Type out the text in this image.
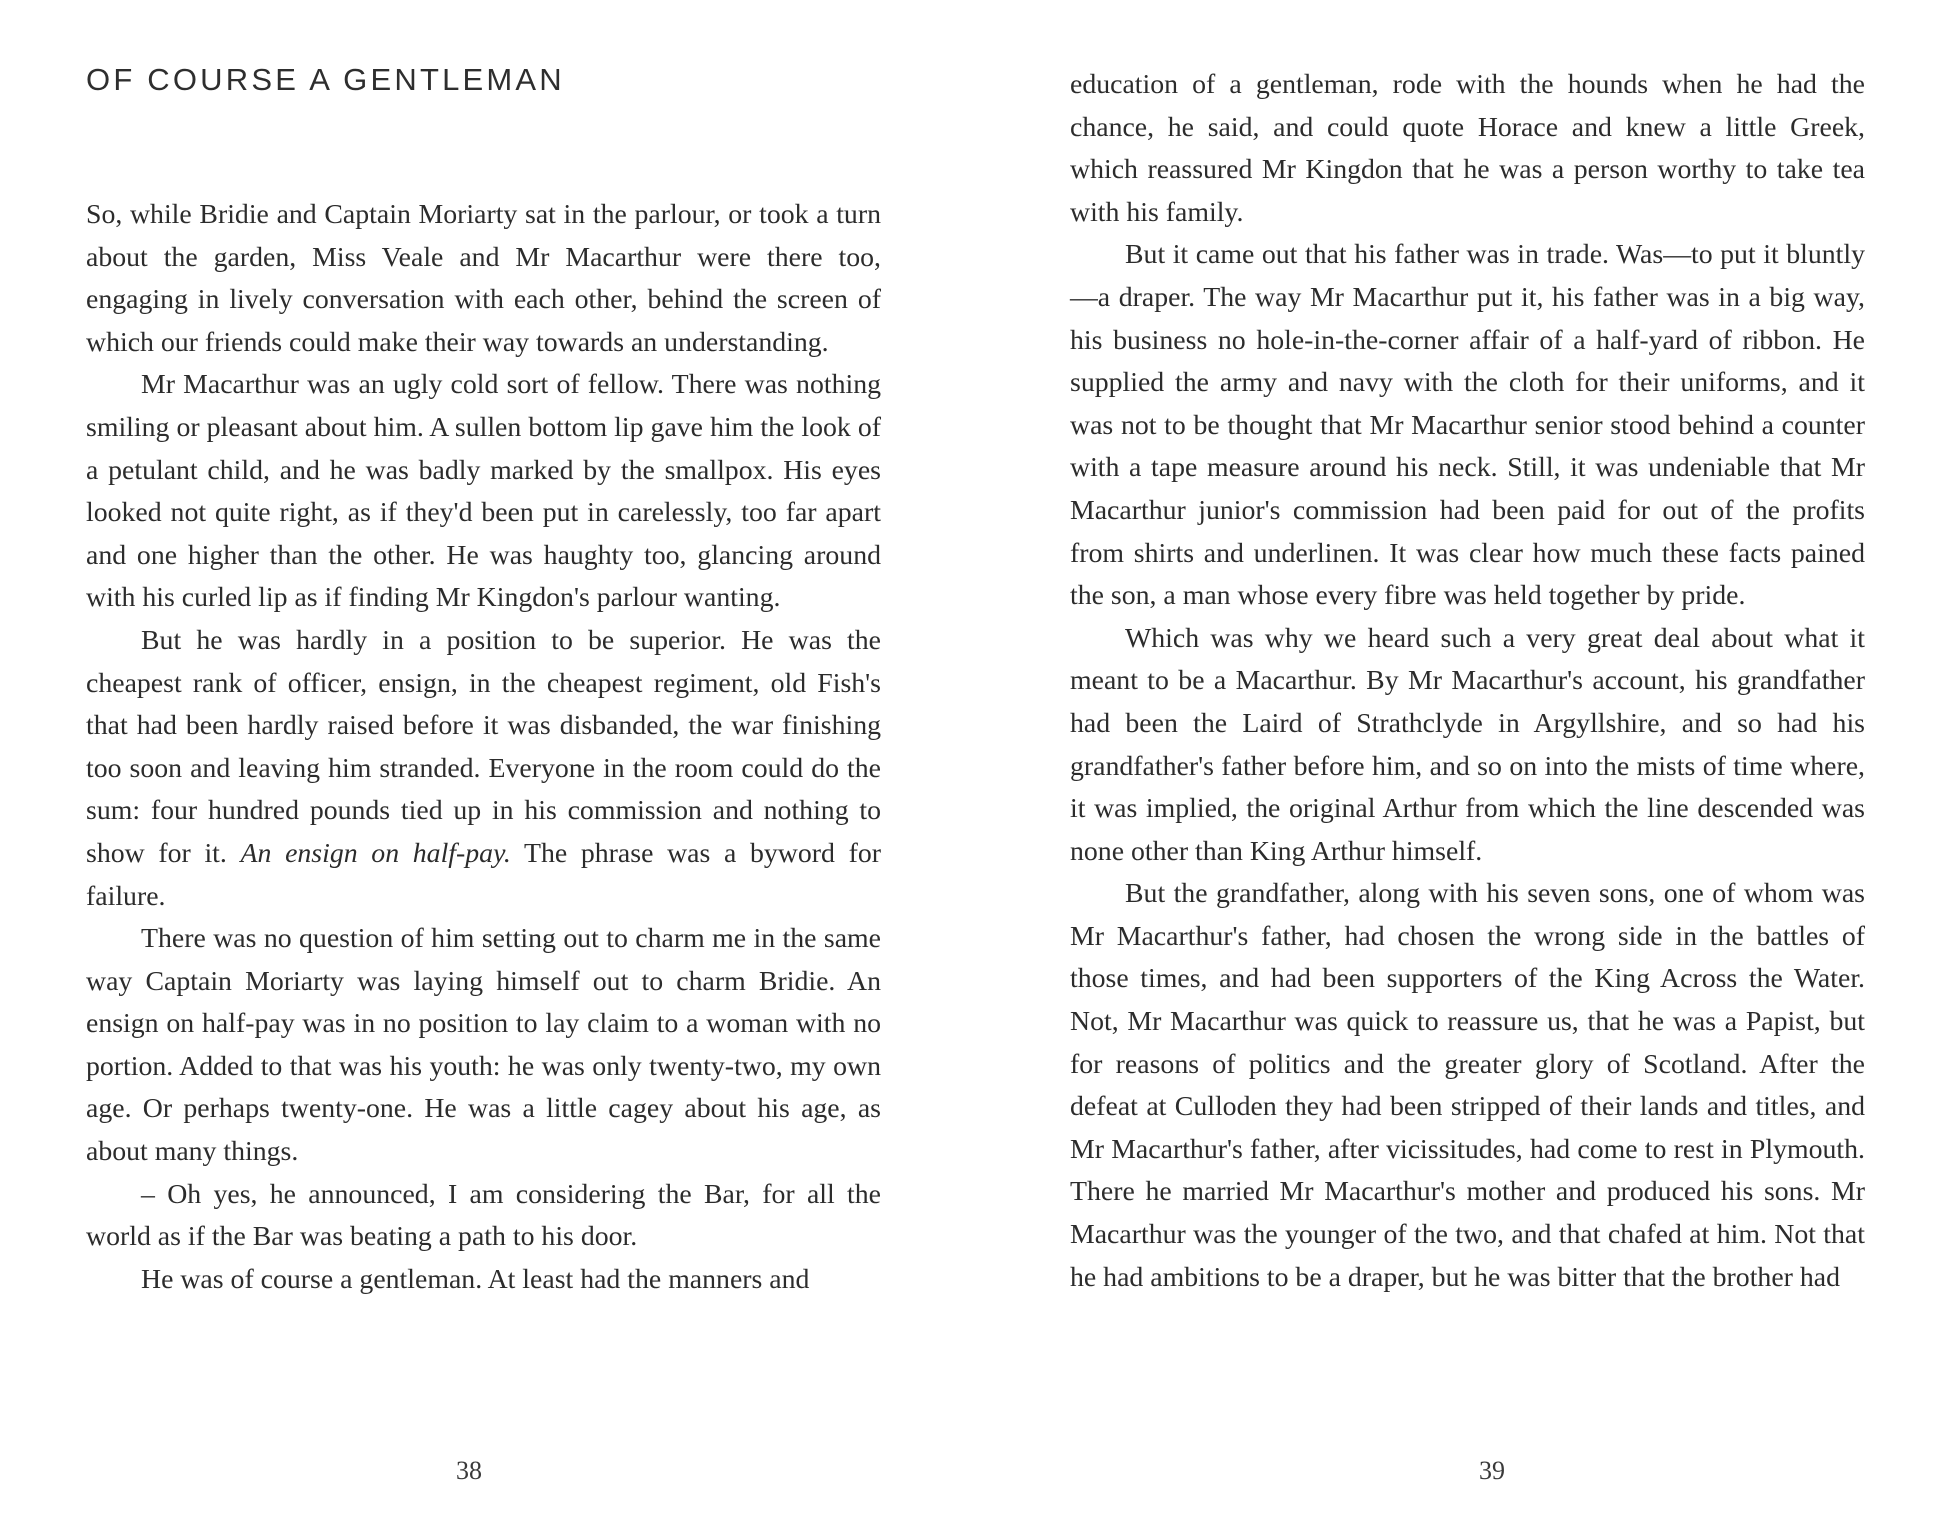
OF COURSE A GENTLEMAN

So, while Bridie and Captain Moriarty sat in the parlour, or took a turn about the garden, Miss Veale and Mr Macarthur were there too, engaging in lively conversation with each other, behind the screen of which our friends could make their way towards an understanding.

Mr Macarthur was an ugly cold sort of fellow. There was nothing smiling or pleasant about him. A sullen bottom lip gave him the look of a petulant child, and he was badly marked by the smallpox. His eyes looked not quite right, as if they'd been put in carelessly, too far apart and one higher than the other. He was haughty too, glancing around with his curled lip as if finding Mr Kingdon's parlour wanting.

But he was hardly in a position to be superior. He was the cheapest rank of officer, ensign, in the cheapest regiment, old Fish's that had been hardly raised before it was disbanded, the war finishing too soon and leaving him stranded. Everyone in the room could do the sum: four hundred pounds tied up in his commission and nothing to show for it. An ensign on half-pay. The phrase was a byword for failure.

There was no question of him setting out to charm me in the same way Captain Moriarty was laying himself out to charm Bridie. An ensign on half-pay was in no position to lay claim to a woman with no portion. Added to that was his youth: he was only twenty-two, my own age. Or perhaps twenty-one. He was a little cagey about his age, as about many things.

– Oh yes, he announced, I am considering the Bar, for all the world as if the Bar was beating a path to his door.

He was of course a gentleman. At least had the manners and

38

education of a gentleman, rode with the hounds when he had the chance, he said, and could quote Horace and knew a little Greek, which reassured Mr Kingdon that he was a person worthy to take tea with his family.

But it came out that his father was in trade. Was—to put it bluntly—a draper. The way Mr Macarthur put it, his father was in a big way, his business no hole-in-the-corner affair of a half-yard of ribbon. He supplied the army and navy with the cloth for their uniforms, and it was not to be thought that Mr Macarthur senior stood behind a counter with a tape measure around his neck. Still, it was undeniable that Mr Macarthur junior's commission had been paid for out of the profits from shirts and underlinen. It was clear how much these facts pained the son, a man whose every fibre was held together by pride.

Which was why we heard such a very great deal about what it meant to be a Macarthur. By Mr Macarthur's account, his grandfather had been the Laird of Strathclyde in Argyllshire, and so had his grandfather's father before him, and so on into the mists of time where, it was implied, the original Arthur from which the line descended was none other than King Arthur himself.

But the grandfather, along with his seven sons, one of whom was Mr Macarthur's father, had chosen the wrong side in the battles of those times, and had been supporters of the King Across the Water. Not, Mr Macarthur was quick to reassure us, that he was a Papist, but for reasons of politics and the greater glory of Scotland. After the defeat at Culloden they had been stripped of their lands and titles, and Mr Macarthur's father, after vicissitudes, had come to rest in Plymouth. There he married Mr Macarthur's mother and produced his sons. Mr Macarthur was the younger of the two, and that chafed at him. Not that he had ambitions to be a draper, but he was bitter that the brother had

39
